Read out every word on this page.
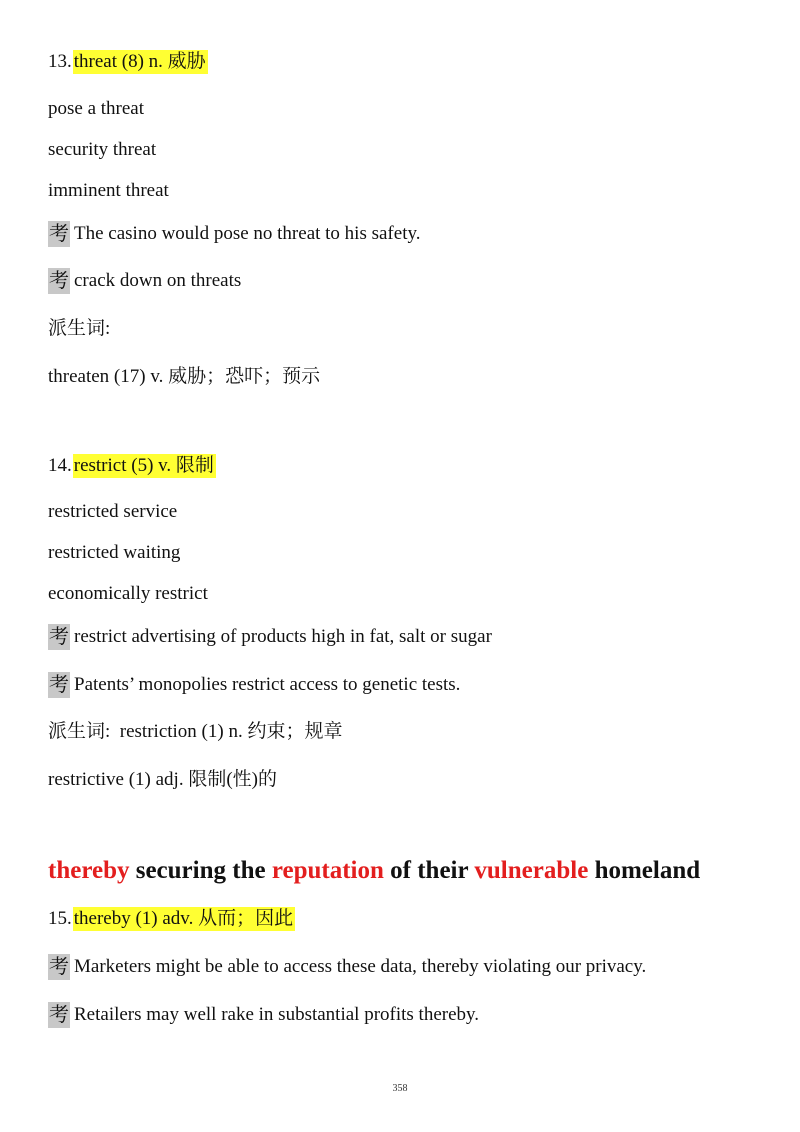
13. threat (8) n. 威胁
pose a threat
security threat
imminent threat
考 The casino would pose no threat to his safety.
考 crack down on threats
派生词:
threaten (17) v. 威胁；恐吓；预示
14. restrict (5) v. 限制
restricted service
restricted waiting
economically restrict
考 restrict advertising of products high in fat, salt or sugar
考 Patents’ monopolies restrict access to genetic tests.
派生词: restriction (1) n. 约束；规章
restrictive (1) adj. 限制(性)的
thereby securing the reputation of their vulnerable homeland
15. thereby (1) adv. 从而；因此
考 Marketers might be able to access these data, thereby violating our privacy.
考 Retailers may well rake in substantial profits thereby.
358
